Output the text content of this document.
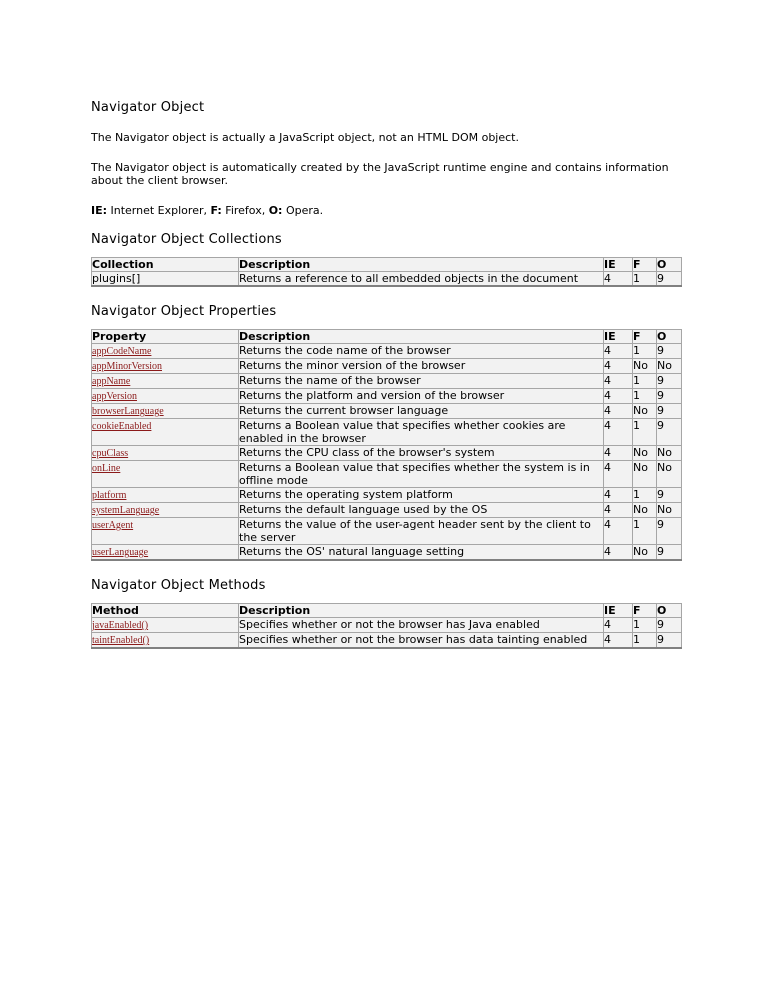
Navigator Object

The Navigator object is actually a JavaScript object, not an HTML DOM object.

The Navigator object is automatically created by the JavaScript runtime engine and contains information about the client browser.

IE: Internet Explorer, F: Firefox, O: Opera.

Navigator Object Collections
Collection	Description	IE	F	O
plugins[]	Returns a reference to all embedded objects in the document	4	1	9
Navigator Object Properties
Property	Description	IE	F	O
appCodeName	Returns the code name of the browser	4	1	9
appMinorVersion	Returns the minor version of the browser	4	No	No
appName	Returns the name of the browser	4	1	9
appVersion	Returns the platform and version of the browser	4	1	9
browserLanguage	Returns the current browser language	4	No	9
cookieEnabled	Returns a Boolean value that specifies whether cookies are enabled in the browser	4	1	9
cpuClass	Returns the CPU class of the browser's system	4	No	No
onLine	Returns a Boolean value that specifies whether the system is in offline mode	4	No	No
platform	Returns the operating system platform	4	1	9
systemLanguage	Returns the default language used by the OS	4	No	No
userAgent	Returns the value of the user-agent header sent by the client to the server	4	1	9
userLanguage	Returns the OS' natural language setting	4	No	9
Navigator Object Methods
Method	Description	IE	F	O
javaEnabled()	Specifies whether or not the browser has Java enabled	4	1	9
taintEnabled()	Specifies whether or not the browser has data tainting enabled	4	1	9
